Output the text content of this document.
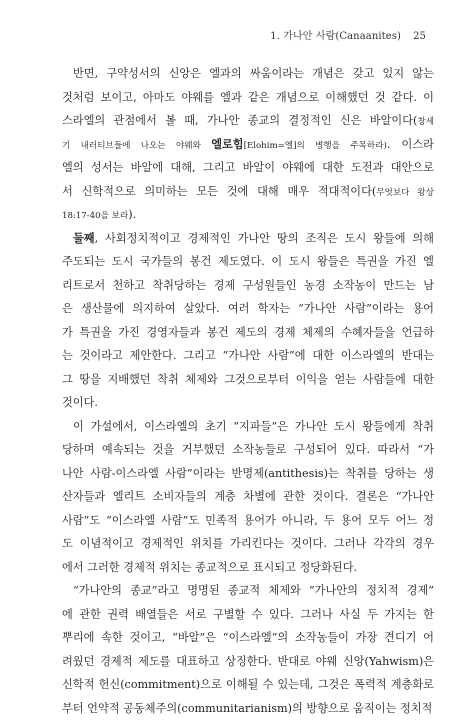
1. 가나안 사람(Canaanites) 25
반면, 구약성서의 신앙은 엘과의 싸움이라는 개념은 갖고 있지 않는
것처럼 보이고, 아마도 야웨를 엘과 같은 개념으로 이해했던 것 같다. 이
스라엘의 관점에서 볼 때, 가나안 종교의 결정적인 신은 바알이다(창세
기 내러티브들에 나오는 야웨와 엘로힘[Elohim=엘]의 병행을 주목하라). 이스라
엘의 성서는 바알에 대해, 그리고 바알이 야웨에 대한 도전과 대안으로
서 신학적으로 의미하는 모든 것에 대해 매우 적대적이다(무엇보다 왕상
18:17-40을 보라).
둘째, 사회정치적이고 경제적인 가나안 땅의 조직은 도시 왕들에 의해
주도되는 도시 국가들의 봉건 제도였다. 이 도시 왕들은 특권을 가진 엘
리트로서 천하고 착취당하는 경제 구성원들인 농경 소작농이 만드는 남
은 생산물에 의지하여 살았다. 여러 학자는 “가나안 사람”이라는 용어
가 특권을 가진 경영자들과 봉건 제도의 경제 체제의 수혜자들을 언급하
는 것이라고 제안한다. 그리고 “가나안 사람”에 대한 이스라엘의 반대는
그 땅을 지배했던 착취 체제와 그것으로부터 이익을 얻는 사람들에 대한
것이다.
이 가설에서, 이스라엘의 초기 “지파들”은 가나안 도시 왕들에게 착취
당하며 예속되는 것을 거부했던 소작농들로 구성되어 있다. 따라서 “가
나안 사람-이스라엘 사람”이라는 반명제(antithesis)는 착취를 당하는 생
산자들과 엘리트 소비자들의 계층 차별에 관한 것이다. 결론은 “가나안
사람”도 “이스라엘 사람”도 민족적 용어가 아니라, 두 용어 모두 어느 정
도 이념적이고 경제적인 위치를 가리킨다는 것이다. 그러나 각각의 경우
에서 그러한 경제적 위치는 종교적으로 표시되고 정당화된다.
“가나안의 종교”라고 명명된 종교적 체제와 “가나안의 정치적 경제”
에 관한 권력 배열들은 서로 구별할 수 있다. 그러나 사실 두 가지는 한
뿌리에 속한 것이고, “바알”은 “이스라엘”의 소작농들이 가장 견디기 어
려웠던 경제적 제도를 대표하고 상징한다. 반대로 야웨 신앙(Yahwism)은
신학적 헌신(commitment)으로 이해될 수 있는데, 그것은 폭력적 계층화로
부터 언약적 공동체주의(communitarianism)의 방향으로 움직이는 정치적
